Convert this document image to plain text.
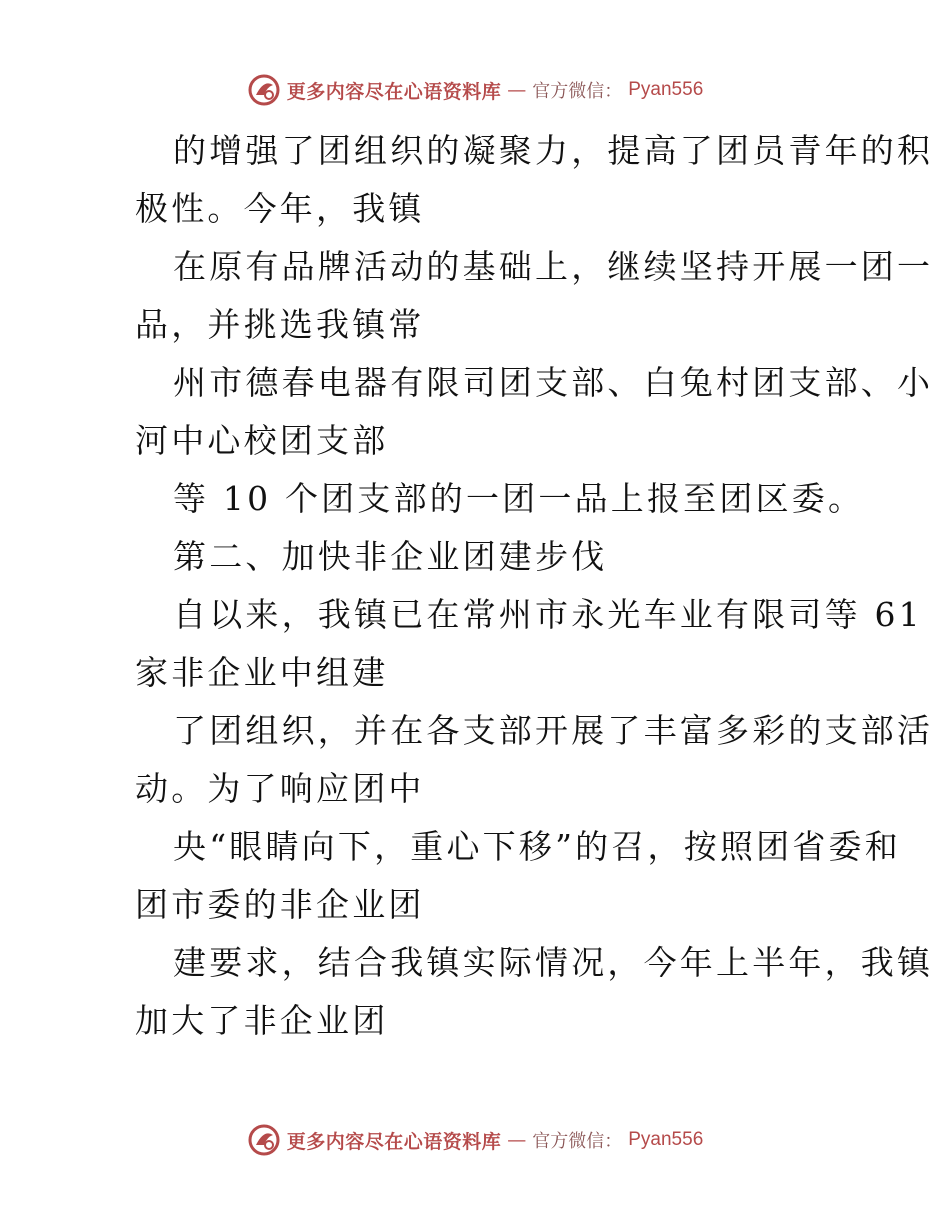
更多内容尽在心语资料库 — 官方微信： Pyan556
的增强了团组织的凝聚力，提高了团员青年的积
极性。今年，我镇
在原有品牌活动的基础上，继续坚持开展一团一
品，并挑选我镇常
州市德春电器有限司团支部、白兔村团支部、小
河中心校团支部
等 10 个团支部的一团一品上报至团区委。
第二、加快非企业团建步伐
自以来，我镇已在常州市永光车业有限司等 61
家非企业中组建
了团组织，并在各支部开展了丰富多彩的支部活
动。为了响应团中
央“眼睛向下，重心下移”的召，按照团省委和
团市委的非企业团
建要求，结合我镇实际情况，今年上半年，我镇
加大了非企业团
更多内容尽在心语资料库 — 官方微信： Pyan556
